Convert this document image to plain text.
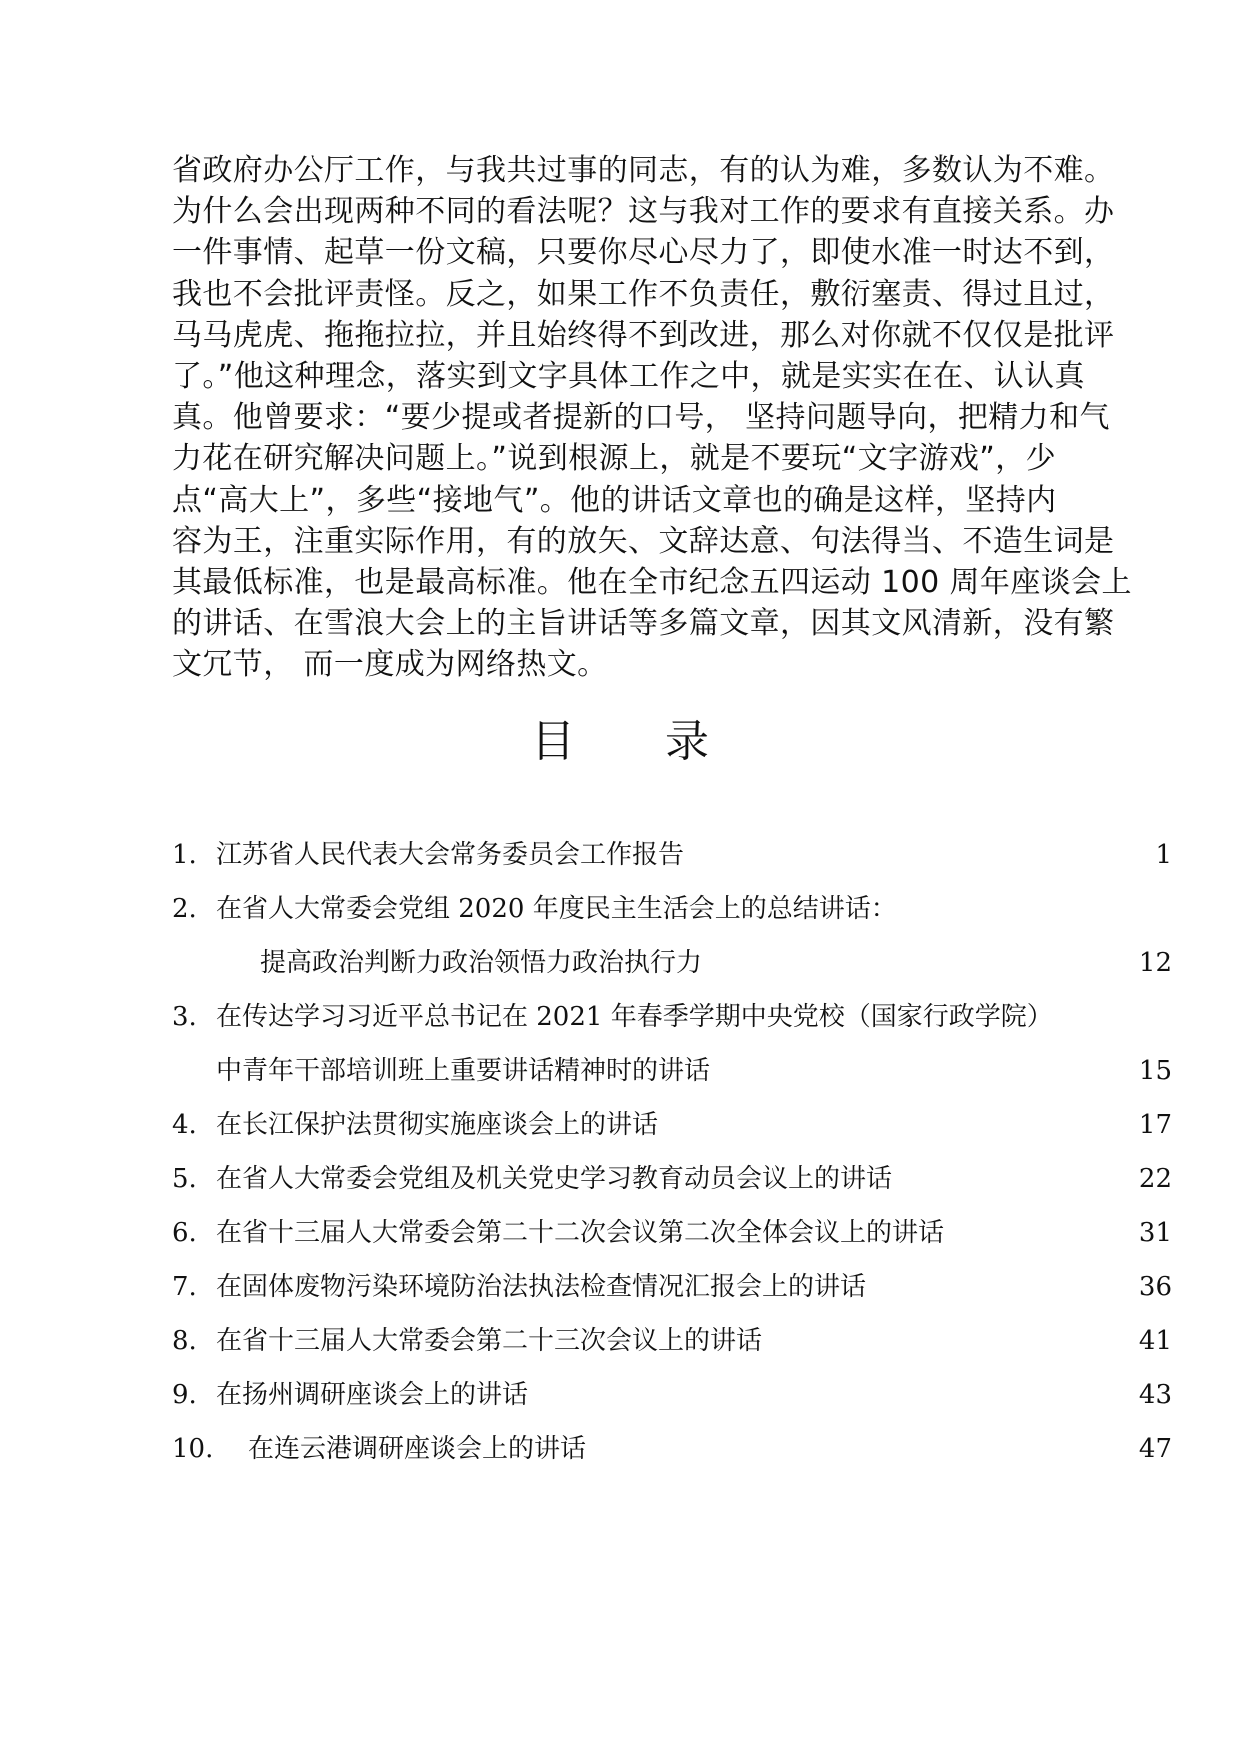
省政府办公厅工作，与我共过事的同志，有的认为难，多数认为不难。
为什么会出现两种不同的看法呢？这与我对工作的要求有直接关系。办
一件事情、起草一份文稿，只要你尽心尽力了，即使水准一时达不到，
我也不会批评责怪。反之，如果工作不负责任，敷衍塞责、得过且过，
马马虎虎、拖拖拉拉，并且始终得不到改进，那么对你就不仅仅是批评
了。”他这种理念，落实到文字具体工作之中，就是实实在在、认认真
真。他曾要求：“要少提或者提新的口号， 坚持问题导向，把精力和气
力花在研究解决问题上。”说到根源上，就是不要玩“文字游戏”，少
点“高大上”，多些“接地气”。他的讲话文章也的确是这样，坚持内
容为王，注重实际作用，有的放矢、文辞达意、句法得当、不造生词是
其最低标准，也是最高标准。他在全市纪念五四运动 100 周年座谈会上
的讲话、在雪浪大会上的主旨讲话等多篇文章，因其文风清新，没有繁
文冗节， 而一度成为网络热文。
目 录
1. 江苏省人民代表大会常务委员会工作报告	1
2. 在省人大常委会党组 2020 年度民主生活会上的总结讲话：
提高政治判断力政治领悟力政治执行力	12
3. 在传达学习习近平总书记在 2021 年春季学期中央党校（国家行政学院）
中青年干部培训班上重要讲话精神时的讲话	15
4. 在长江保护法贯彻实施座谈会上的讲话	17
5. 在省人大常委会党组及机关党史学习教育动员会议上的讲话	22
6. 在省十三届人大常委会第二十二次会议第二次全体会议上的讲话	31
7. 在固体废物污染环境防治法执法检查情况汇报会上的讲话	36
8. 在省十三届人大常委会第二十三次会议上的讲话	41
9. 在扬州调研座谈会上的讲话	43
10. 在连云港调研座谈会上的讲话	47
